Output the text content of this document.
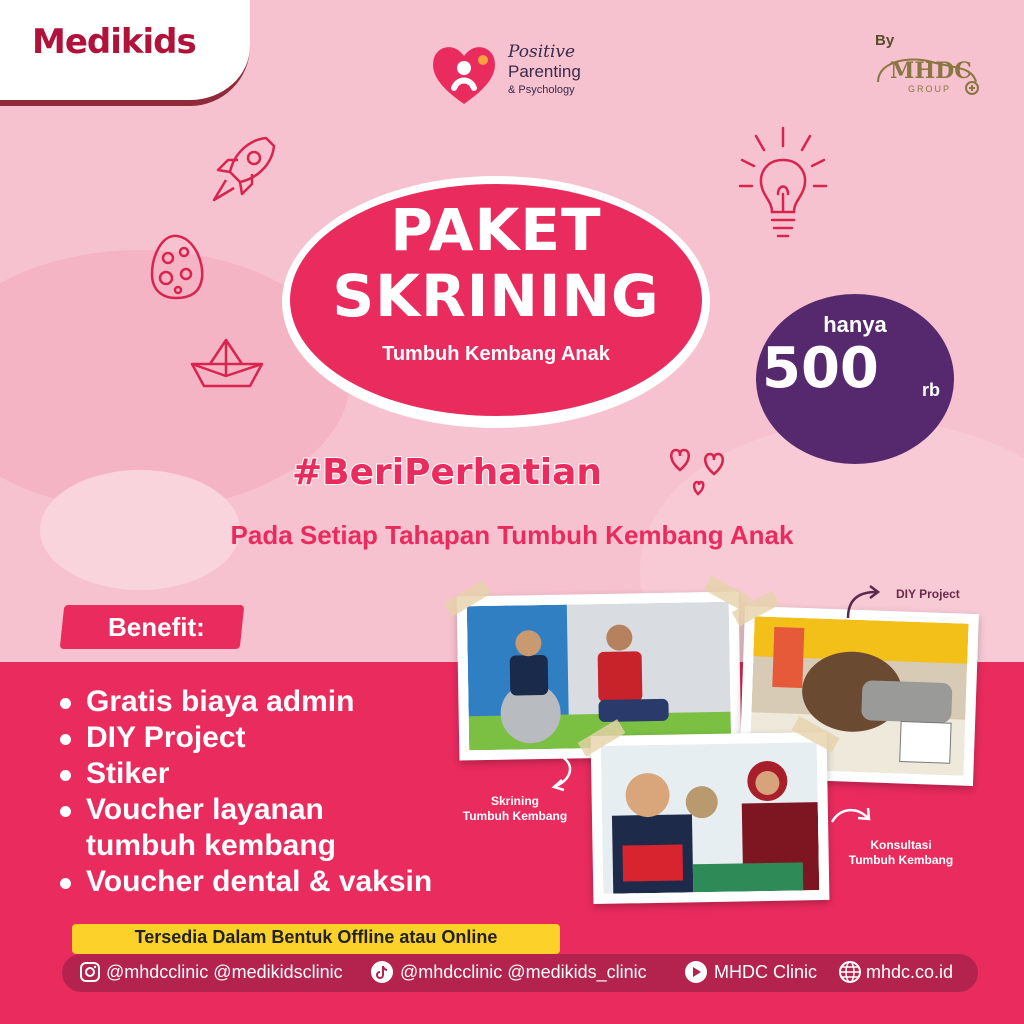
Medikids	Positive
Parenting
& Psychology
By
MHDC
GROUP
PAKET
SKRINING
Tumbuh Kembang Anak
hanya
500 rb
#BeriPerhatian
Pada Setiap Tahapan Tumbuh Kembang Anak
Benefit:
Gratis biaya admin
DIY Project
Stiker
Voucher layanan
tumbuh kembang
Voucher dental & vaksin
DIY Project
Skrining
Tumbuh Kembang
Konsultasi
Tumbuh Kembang
Tersedia Dalam Bentuk Offline atau Online
@mhdcclinic @medikidsclinic	@mhdcclinic @medikids_clinic	MHDC Clinic	mhdc.co.id
